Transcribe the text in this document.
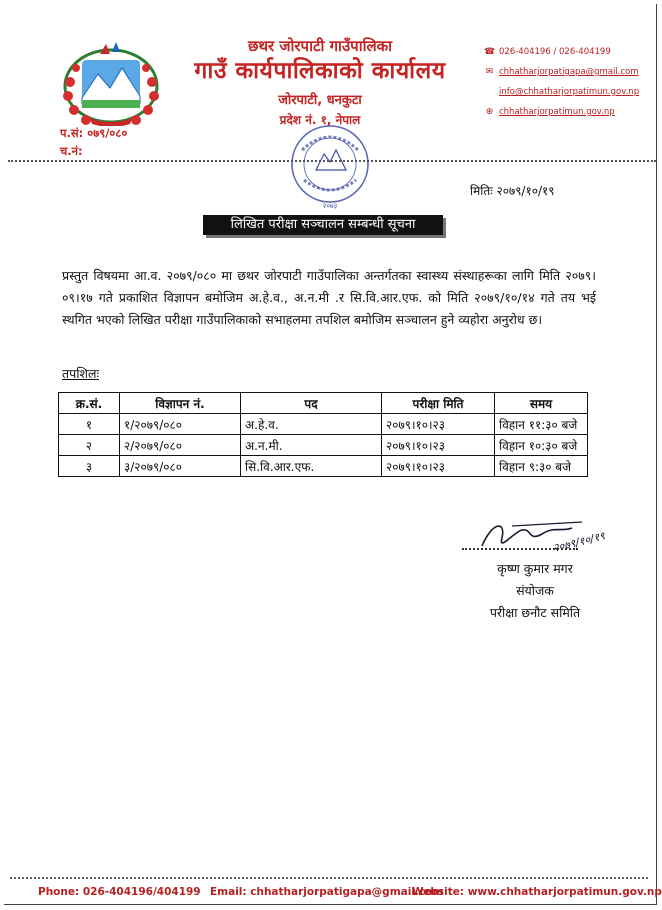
छथर जोरपाटी गाउँपालिका
गाउँ कार्यपालिकाको कार्यालय
जोरपाटी, धनकुटा
प्रदेश नं. १, नेपाल
☎ 026-404196 / 026-404199
✉ chhatharjorpatigapa@gmail.com
info@chhatharjorpatimun.gov.np
⊕ chhatharjorpatimun.gov.np
प.सं: ०७९/०८०
च.नं:
२०७३
मितिः २०७९/१०/१९
लिखित परीक्षा सञ्चालन सम्बन्धी सूचना
प्रस्तुत विषयमा आ.व. २०७९/०८० मा छथर जोरपाटी गाउँपालिका अन्तर्गतका स्वास्थ्य संस्थाहरूका लागि मिति २०७९।०९।१७ गते प्रकाशित विज्ञापन बमोजिम अ.हे.व., अ.न.मी .र सि.वि.आर.एफ. को मिति २०७९/१०/१४ गते तय भई स्थगित भएको लिखित परीक्षा गाउँपालिकाको सभाहलमा तपशिल बमोजिम सञ्चालन हुने व्यहोरा अनुरोध छ।
तपशिलः
क्र.सं.	विज्ञापन नं.	पद	परीक्षा मिति	समय
१	१/२०७९/०८०	अ.हे.व.	२०७९।१०।२३	विहान ११:३० बजे
२	२/२०७९/०८०	अ.न.मी.	२०७९।१०।२३	विहान १०:३० बजे
३	३/२०७९/०८०	सि.वि.आर.एफ.	२०७९।१०।२३	विहान ९:३० बजे
२०७९/१०/१९
कृष्ण कुमार मगर
संयोजक
परीक्षा छनौट समिति
Phone: 026-404196/404199 Email: chhatharjorpatigapa@gmail.com
Website: www.chhatharjorpatimun.gov.np
